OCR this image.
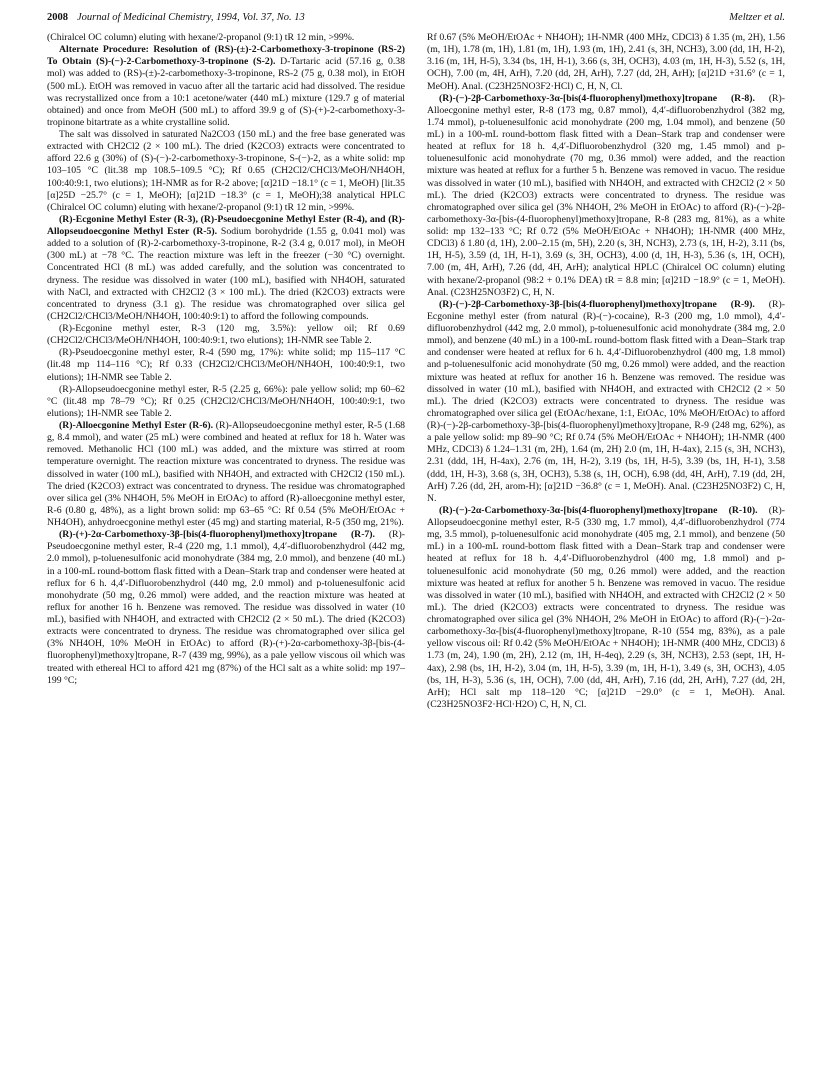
2008 Journal of Medicinal Chemistry, 1994, Vol. 37, No. 13	Meltzer et al.

(Chiralcel OC column) eluting with hexane/2-propanol (9:1) tR 12 min, >99%.

Alternate Procedure: Resolution of (RS)-(±)-2-Carbomethoxy-3-tropinone (RS-2) To Obtain (S)-(−)-2-Carbomethoxy-3-tropinone (S-2). D-Tartaric acid (57.16 g, 0.38 mol) was added to (RS)-(±)-2-carbomethoxy-3-tropinone, RS-2 (75 g, 0.38 mol), in EtOH (500 mL). EtOH was removed in vacuo after all the tartaric acid had dissolved. The residue was recrystallized once from a 10:1 acetone/water (440 mL) mixture (129.7 g of material obtained) and once from MeOH (500 mL) to afford 39.9 g of (S)-(+)-2-carbomethoxy-3-tropinone bitartrate as a white crystalline solid.

The salt was dissolved in saturated Na2CO3 (150 mL) and the free base generated was extracted with CH2Cl2 (2 × 100 mL). The dried (K2CO3) extracts were concentrated to afford 22.6 g (30%) of (S)-(−)-2-carbomethoxy-3-tropinone, S-(−)-2, as a white solid: mp 103–105 °C (lit.38 mp 108.5–109.5 °C); Rf 0.65 (CH2Cl2/CHCl3/MeOH/NH4OH, 100:40:9:1, two elutions); 1H-NMR as for R-2 above; [α]21D −18.1° (c = 1, MeOH) [lit.35 [α]25D −25.7° (c = 1, MeOH); [α]21D −18.3° (c = 1, MeOH);38 analytical HPLC (Chiralcel OC column) eluting with hexane/2-propanol (9:1) tR 12 min, >99%.

(R)-Ecgonine Methyl Ester (R-3), (R)-Pseudoecgonine Methyl Ester (R-4), and (R)-Allopseudoecgonine Methyl Ester (R-5). Sodium borohydride (1.55 g, 0.041 mol) was added to a solution of (R)-2-carbomethoxy-3-tropinone, R-2 (3.4 g, 0.017 mol), in MeOH (300 mL) at −78 °C. The reaction mixture was left in the freezer (−30 °C) overnight. Concentrated HCl (8 mL) was added carefully, and the solution was concentrated to dryness. The residue was dissolved in water (100 mL), basified with NH4OH, saturated with NaCl, and extracted with CH2Cl2 (3 × 100 mL). The dried (K2CO3) extracts were concentrated to dryness (3.1 g). The residue was chromatographed over silica gel (CH2Cl2/CHCl3/MeOH/NH4OH, 100:40:9:1) to afford the following compounds.

(R)-Ecgonine methyl ester, R-3 (120 mg, 3.5%): yellow oil; Rf 0.69 (CH2Cl2/CHCl3/MeOH/NH4OH, 100:40:9:1, two elutions); 1H-NMR see Table 2.

(R)-Pseudoecgonine methyl ester, R-4 (590 mg, 17%): white solid; mp 115–117 °C (lit.48 mp 114–116 °C); Rf 0.33 (CH2Cl2/CHCl3/MeOH/NH4OH, 100:40:9:1, two elutions); 1H-NMR see Table 2.

(R)-Allopseudoecgonine methyl ester, R-5 (2.25 g, 66%): pale yellow solid; mp 60–62 °C (lit.48 mp 78–79 °C); Rf 0.25 (CH2Cl2/CHCl3/MeOH/NH4OH, 100:40:9:1, two elutions); 1H-NMR see Table 2.

(R)-Alloecgonine Methyl Ester (R-6). (R)-Allopseudoecgonine methyl ester, R-5 (1.68 g, 8.4 mmol), and water (25 mL) were combined and heated at reflux for 18 h. Water was removed. Methanolic HCl (100 mL) was added, and the mixture was stirred at room temperature overnight. The reaction mixture was concentrated to dryness. The residue was dissolved in water (100 mL), basified with NH4OH, and extracted with CH2Cl2 (150 mL). The dried (K2CO3) extract was concentrated to dryness. The residue was chromatographed over silica gel (3% NH4OH, 5% MeOH in EtOAc) to afford (R)-alloecgonine methyl ester, R-6 (0.80 g, 48%), as a light brown solid: mp 63–65 °C: Rf 0.54 (5% MeOH/EtOAc + NH4OH), anhydroecgonine methyl ester (45 mg) and starting material, R-5 (350 mg, 21%).

(R)-(+)-2α-Carbomethoxy-3β-[bis(4-fluorophenyl)methoxy]tropane (R-7). (R)-Pseudoecgonine methyl ester, R-4 (220 mg, 1.1 mmol), 4,4′-difluorobenzhydrol (442 mg, 2.0 mmol), p-toluenesulfonic acid monohydrate (384 mg, 2.0 mmol), and benzene (40 mL) in a 100-mL round-bottom flask fitted with a Dean–Stark trap and condenser were heated at reflux for 6 h. 4,4′-Difluorobenzhydrol (440 mg, 2.0 mmol) and p-toluenesulfonic acid monohydrate (50 mg, 0.26 mmol) were added, and the reaction mixture was heated at reflux for another 16 h. Benzene was removed. The residue was dissolved in water (10 mL), basified with NH4OH, and extracted with CH2Cl2 (2 × 50 mL). The dried (K2CO3) extracts were concentrated to dryness. The residue was chromatographed over silica gel (3% NH4OH, 10% MeOH in EtOAc) to afford (R)-(+)-2α-carbomethoxy-3β-[bis-(4-fluorophenyl)methoxy]tropane, R-7 (439 mg, 99%), as a pale yellow viscous oil which was treated with ethereal HCl to afford 421 mg (87%) of the HCl salt as a white solid: mp 197–199 °C;

Rf 0.67 (5% MeOH/EtOAc + NH4OH); 1H-NMR (400 MHz, CDCl3) δ 1.35 (m, 2H), 1.56 (m, 1H), 1.78 (m, 1H), 1.81 (m, 1H), 1.93 (m, 1H), 2.41 (s, 3H, NCH3), 3.00 (dd, 1H, H-2), 3.16 (m, 1H, H-5), 3.34 (bs, 1H, H-1), 3.66 (s, 3H, OCH3), 4.03 (m, 1H, H-3), 5.52 (s, 1H, OCH), 7.00 (m, 4H, ArH), 7.20 (dd, 2H, ArH), 7.27 (dd, 2H, ArH); [α]21D +31.6° (c = 1, MeOH). Anal. (C23H25NO3F2·HCl) C, H, N, Cl.

(R)-(−)-2β-Carbomethoxy-3α-[bis(4-fluorophenyl)methoxy]tropane (R-8). (R)-Alloecgonine methyl ester, R-8 (173 mg, 0.87 mmol), 4,4′-difluorobenzhydrol (382 mg, 1.74 mmol), p-toluenesulfonic acid monohydrate (200 mg, 1.04 mmol), and benzene (50 mL) in a 100-mL round-bottom flask fitted with a Dean–Stark trap and condenser were heated at reflux for 18 h. 4,4′-Difluorobenzhydrol (320 mg, 1.45 mmol) and p-toluenesulfonic acid monohydrate (70 mg, 0.36 mmol) were added, and the reaction mixture was heated at reflux for a further 5 h. Benzene was removed in vacuo. The residue was dissolved in water (10 mL), basified with NH4OH, and extracted with CH2Cl2 (2 × 50 mL). The dried (K2CO3) extracts were concentrated to dryness. The residue was chromatographed over silica gel (3% NH4OH, 2% MeOH in EtOAc) to afford (R)-(−)-2β-carbomethoxy-3α-[bis-(4-fluorophenyl)methoxy]tropane, R-8 (283 mg, 81%), as a white solid: mp 132–133 °C; Rf 0.72 (5% MeOH/EtOAc + NH4OH); 1H-NMR (400 MHz, CDCl3) δ 1.80 (d, 1H), 2.00–2.15 (m, 5H), 2.20 (s, 3H, NCH3), 2.73 (s, 1H, H-2), 3.11 (bs, 1H, H-5), 3.59 (d, 1H, H-1), 3.69 (s, 3H, OCH3), 4.00 (d, 1H, H-3), 5.36 (s, 1H, OCH), 7.00 (m, 4H, ArH), 7.26 (dd, 4H, ArH); analytical HPLC (Chiralcel OC column) eluting with hexane/2-propanol (98:2 + 0.1% DEA) tR = 8.8 min; [α]21D −18.9° (c = 1, MeOH). Anal. (C23H25NO3F2) C, H, N.

(R)-(−)-2β-Carbomethoxy-3β-[bis(4-fluorophenyl)methoxy]tropane (R-9). (R)-Ecgonine methyl ester (from natural (R)-(−)-cocaine), R-3 (200 mg, 1.0 mmol), 4,4′-difluorobenzhydrol (442 mg, 2.0 mmol), p-toluenesulfonic acid monohydrate (384 mg, 2.0 mmol), and benzene (40 mL) in a 100-mL round-bottom flask fitted with a Dean–Stark trap and condenser were heated at reflux for 6 h. 4,4′-Difluorobenzhydrol (400 mg, 1.8 mmol) and p-toluenesulfonic acid monohydrate (50 mg, 0.26 mmol) were added, and the reaction mixture was heated at reflux for another 16 h. Benzene was removed. The residue was dissolved in water (10 mL), basified with NH4OH, and extracted with CH2Cl2 (2 × 50 mL). The dried (K2CO3) extracts were concentrated to dryness. The residue was chromatographed over silica gel (EtOAc/hexane, 1:1, EtOAc, 10% MeOH/EtOAc) to afford (R)-(−)-2β-carbomethoxy-3β-[bis(4-fluorophenyl)methoxy]tropane, R-9 (248 mg, 62%), as a pale yellow solid: mp 89–90 °C; Rf 0.74 (5% MeOH/EtOAc + NH4OH); 1H-NMR (400 MHz, CDCl3) δ 1.24–1.31 (m, 2H), 1.64 (m, 2H) 2.0 (m, 1H, H-4ax), 2.15 (s, 3H, NCH3), 2.31 (ddd, 1H, H-4ax), 2.76 (m, 1H, H-2), 3.19 (bs, 1H, H-5), 3.39 (bs, 1H, H-1), 3.58 (ddd, 1H, H-3), 3.68 (s, 3H, OCH3), 5.38 (s, 1H, OCH), 6.98 (dd, 4H, ArH), 7.19 (dd, 2H, ArH) 7.26 (dd, 2H, arom-H); [α]21D −36.8° (c = 1, MeOH). Anal. (C23H25NO3F2) C, H, N.

(R)-(−)-2α-Carbomethoxy-3α-[bis(4-fluorophenyl)methoxy]tropane (R-10). (R)-Allopseudoecgonine methyl ester, R-5 (330 mg, 1.7 mmol), 4,4′-difluorobenzhydrol (774 mg, 3.5 mmol), p-toluenesulfonic acid monohydrate (405 mg, 2.1 mmol), and benzene (50 mL) in a 100-mL round-bottom flask fitted with a Dean–Stark trap and condenser were heated at reflux for 18 h. 4,4′-Difluorobenzhydrol (400 mg, 1.8 mmol) and p-toluenesulfonic acid monohydrate (50 mg, 0.26 mmol) were added, and the reaction mixture was heated at reflux for another 5 h. Benzene was removed in vacuo. The residue was dissolved in water (10 mL), basified with NH4OH, and extracted with CH2Cl2 (2 × 50 mL). The dried (K2CO3) extracts were concentrated to dryness. The residue was chromatographed over silica gel (3% NH4OH, 2% MeOH in EtOAc) to afford (R)-(−)-2α-carbomethoxy-3α-[bis(4-fluorophenyl)methoxy]tropane, R-10 (554 mg, 83%), as a pale yellow viscous oil: Rf 0.42 (5% MeOH/EtOAc + NH4OH); 1H-NMR (400 MHz, CDCl3) δ 1.73 (m, 24), 1.90 (m, 2H), 2.12 (m, 1H, H-4eq), 2.29 (s, 3H, NCH3), 2.53 (sept, 1H, H-4ax), 2.98 (bs, 1H, H-2), 3.04 (m, 1H, H-5), 3.39 (m, 1H, H-1), 3.49 (s, 3H, OCH3), 4.05 (bs, 1H, H-3), 5.36 (s, 1H, OCH), 7.00 (dd, 4H, ArH), 7.16 (dd, 2H, ArH), 7.27 (dd, 2H, ArH); HCl salt mp 118–120 °C; [α]21D −29.0° (c = 1, MeOH). Anal. (C23H25NO3F2·HCl·H2O) C, H, N, Cl.
